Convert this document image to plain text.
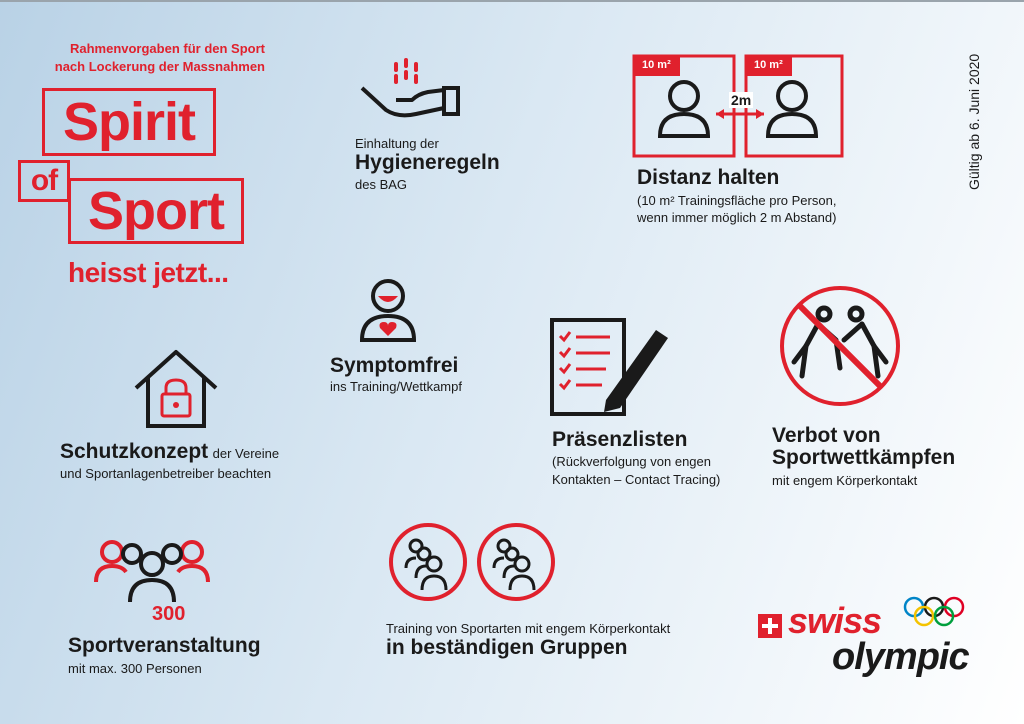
Rahmenvorgaben für den Sport
nach Lockerung der Massnahmen
Spirit
of
Sport
heisst jetzt...
Gültig ab 6. Juni 2020
Einhaltung der
Hygieneregeln
des BAG
10 m²	10 m²
2m
Distanz halten
(10 m² Trainingsfläche pro Person,
wenn immer möglich 2 m Abstand)
Symptomfrei
ins Training/Wettkampf
Schutzkonzept der Vereine
und Sportanlagenbetreiber beachten
Präsenzlisten
(Rückverfolgung von engen
Kontakten – Contact Tracing)
Verbot von
Sportwettkämpfen
mit engem Körperkontakt
300
Sportveranstaltung
mit max. 300 Personen
Training von Sportarten mit engem Körperkontakt
in beständigen Gruppen
swiss
olympic
